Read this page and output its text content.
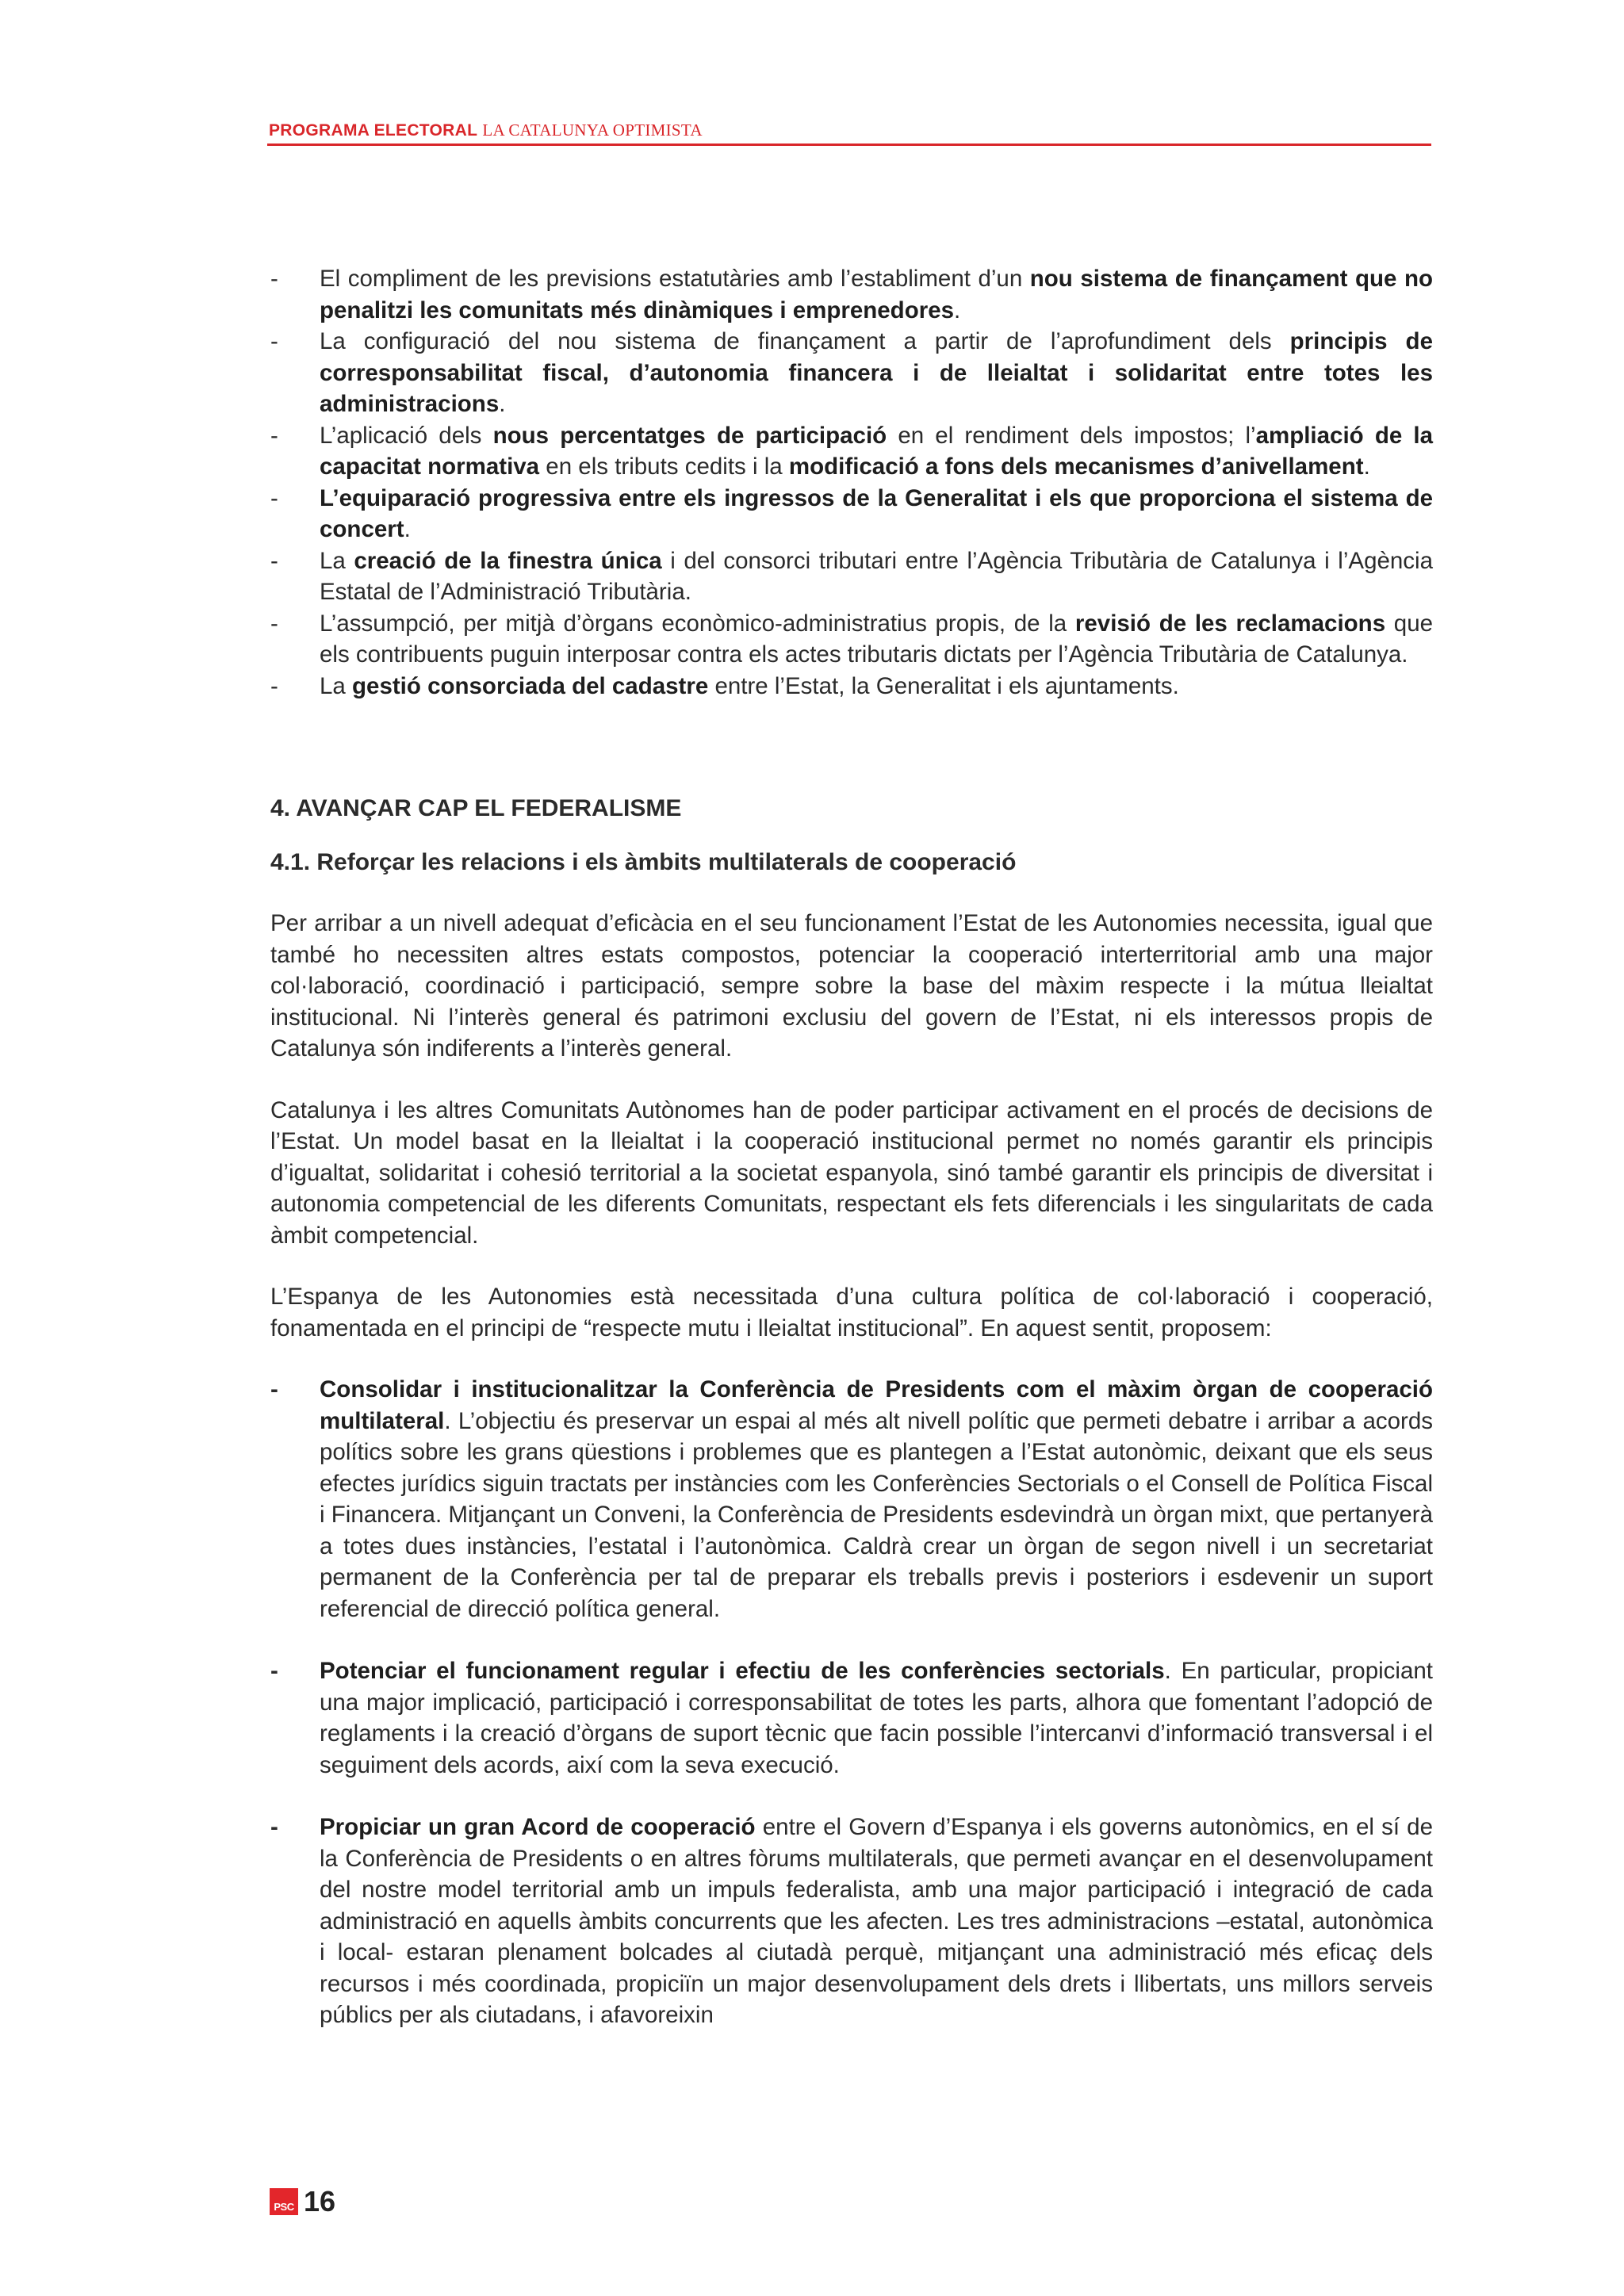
PROGRAMA ELECTORAL LA CATALUNYA OPTIMISTA
- El compliment de les previsions estatutàries amb l’establiment d’un nou sistema de finançament que no penalitzi les comunitats més dinàmiques i emprenedores.
- La configuració del nou sistema de finançament a partir de l’aprofundiment dels principis de corresponsabilitat fiscal, d’autonomia financera i de lleialtat i solidaritat entre totes les administracions.
- L’aplicació dels nous percentatges de participació en el rendiment dels impostos; l’ampliació de la capacitat normativa en els tributs cedits i la modificació a fons dels mecanismes d’anivellament.
- L’equiparació progressiva entre els ingressos de la Generalitat i els que proporciona el sistema de concert.
- La creació de la finestra única i del consorci tributari entre l’Agència Tributària de Catalunya i l’Agència Estatal de l’Administració Tributària.
- L’assumpció, per mitjà d’òrgans econòmico-administratius propis, de la revisió de les reclamacions que els contribuents puguin interposar contra els actes tributaris dictats per l’Agència Tributària de Catalunya.
- La gestió consorciada del cadastre entre l’Estat, la Generalitat i els ajuntaments.
4. AVANÇAR CAP EL FEDERALISME
4.1. Reforçar les relacions i els àmbits multilaterals de cooperació

Per arribar a un nivell adequat d’eficàcia en el seu funcionament l’Estat de les Autonomies necessita, igual que també ho necessiten altres estats compostos, potenciar la cooperació interterritorial amb una major col·laboració, coordinació i participació, sempre sobre la base del màxim respecte i la mútua lleialtat institucional. Ni l’interès general és patrimoni exclusiu del govern de l’Estat, ni els interessos propis de Catalunya són indiferents a l’interès general.

Catalunya i les altres Comunitats Autònomes han de poder participar activament en el procés de decisions de l’Estat. Un model basat en la lleialtat i la cooperació institucional permet no només garantir els principis d’igualtat, solidaritat i cohesió territorial a la societat espanyola, sinó també garantir els principis de diversitat i autonomia competencial de les diferents Comunitats, respectant els fets diferencials i les singularitats de cada àmbit competencial.

L’Espanya de les Autonomies està necessitada d’una cultura política de col·laboració i cooperació, fonamentada en el principi de “respecte mutu i lleialtat institucional”. En aquest sentit, proposem:

- Consolidar i institucionalitzar la Conferència de Presidents com el màxim òrgan de cooperació multilateral. L’objectiu és preservar un espai al més alt nivell polític que permeti debatre i arribar a acords polítics sobre les grans qüestions i problemes que es plantegen a l’Estat autonòmic, deixant que els seus efectes jurídics siguin tractats per instàncies com les Conferències Sectorials o el Consell de Política Fiscal i Financera. Mitjançant un Conveni, la Conferència de Presidents esdevindrà un òrgan mixt, que pertanyerà a totes dues instàncies, l’estatal i l’autonòmica. Caldrà crear un òrgan de segon nivell i un secretariat permanent de la Conferència per tal de preparar els treballs previs i posteriors i esdevenir un suport referencial de direcció política general.
- Potenciar el funcionament regular i efectiu de les conferències sectorials. En particular, propiciant una major implicació, participació i corresponsabilitat de totes les parts, alhora que fomentant l’adopció de reglaments i la creació d’òrgans de suport tècnic que facin possible l’intercanvi d’informació transversal i el seguiment dels acords, així com la seva execució.
- Propiciar un gran Acord de cooperació entre el Govern d’Espanya i els governs autonòmics, en el sí de la Conferència de Presidents o en altres fòrums multilaterals, que permeti avançar en el desenvolupament del nostre model territorial amb un impuls federalista, amb una major participació i integració de cada administració en aquells àmbits concurrents que les afecten. Les tres administracions –estatal, autonòmica i local- estaran plenament bolcades al ciutadà perquè, mitjançant una administració més eficaç dels recursos i més coordinada, propiciïn un major desenvolupament dels drets i llibertats, uns millors serveis públics per als ciutadans, i afavoreixin
PSC 16
